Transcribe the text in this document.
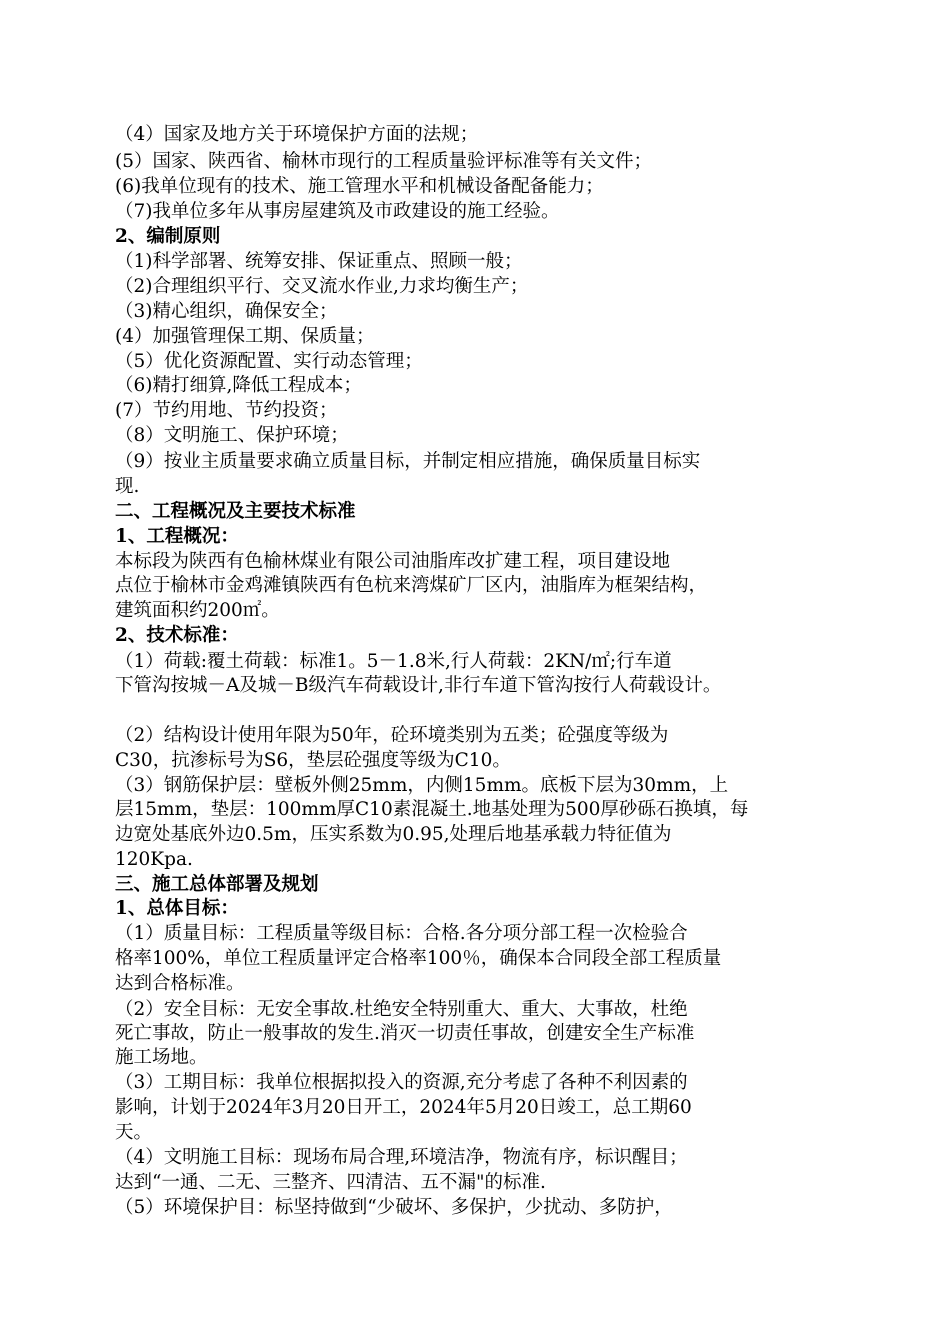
（4）国家及地方关于环境保护方面的法规；
(5）国家、陕西省、榆林市现行的工程质量验评标准等有关文件；
(6)我单位现有的技术、施工管理水平和机械设备配备能力；
（7)我单位多年从事房屋建筑及市政建设的施工经验。
2、编制原则
（1)科学部署、统筹安排、保证重点、照顾一般；
（2)合理组织平行、交叉流水作业,力求均衡生产；
（3)精心组织，确保安全；
(4）加强管理保工期、保质量；
（5）优化资源配置、实行动态管理；
（6)精打细算,降低工程成本；
(7）节约用地、节约投资；
（8）文明施工、保护环境；
（9）按业主质量要求确立质量目标，并制定相应措施，确保质量目标实
现.
二、工程概况及主要技术标准
1、工程概况：
本标段为陕西有色榆林煤业有限公司油脂库改扩建工程，项目建设地
点位于榆林市金鸡滩镇陕西有色杭来湾煤矿厂区内，油脂库为框架结构，
建筑面积约200㎡。
2、技术标准：
（1）荷载:覆土荷载：标准1。5－1.8米,行人荷载：2KN/㎡;行车道
下管沟按城－A及城－B级汽车荷载设计,非行车道下管沟按行人荷载设计。
（2）结构设计使用年限为50年，砼环境类别为五类；砼强度等级为
C30，抗渗标号为S6，垫层砼强度等级为C10。
（3）钢筋保护层：壁板外侧25mm，内侧15mm。底板下层为30mm，上
层15mm，垫层：100mm厚C10素混凝土.地基处理为500厚砂砾石换填，每
边宽处基底外边0.5m，压实系数为0.95,处理后地基承载力特征值为
120Kpa.
三、施工总体部署及规划
1、总体目标：
（1）质量目标：工程质量等级目标：合格.各分项分部工程一次检验合
格率100%，单位工程质量评定合格率100％，确保本合同段全部工程质量
达到合格标准。
（2）安全目标：无安全事故.杜绝安全特别重大、重大、大事故，杜绝
死亡事故，防止一般事故的发生.消灭一切责任事故，创建安全生产标准
施工场地。
（3）工期目标：我单位根据拟投入的资源,充分考虑了各种不利因素的
影响，计划于2024年3月20日开工，2024年5月20日竣工，总工期60
天。
（4）文明施工目标：现场布局合理,环境洁净，物流有序，标识醒目；
达到“一通、二无、三整齐、四清洁、五不漏"的标准.
（5）环境保护目：标坚持做到“少破坏、多保护，少扰动、多防护，
